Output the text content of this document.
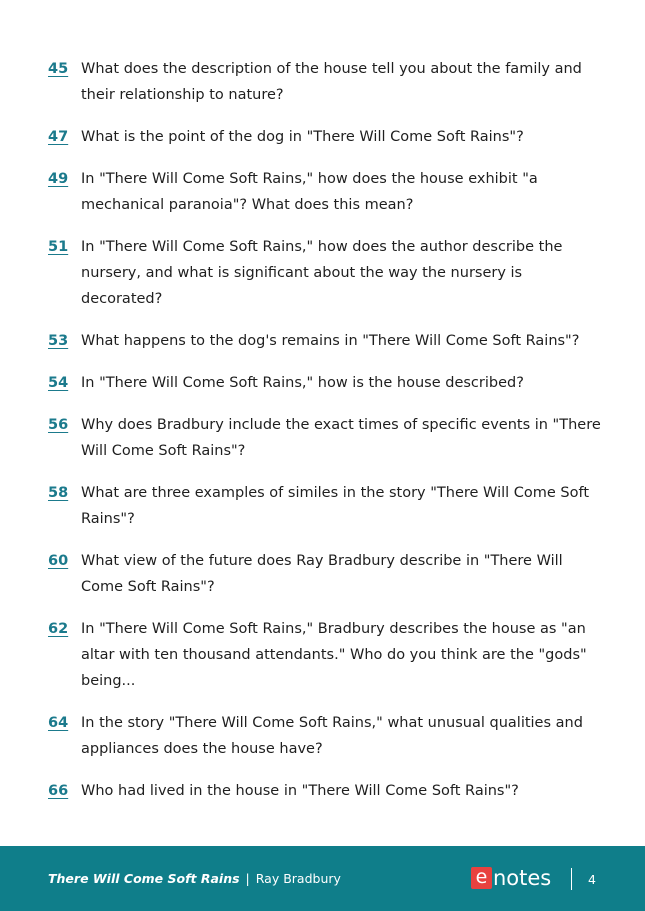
45 What does the description of the house tell you about the family and their relationship to nature?
47 What is the point of the dog in "There Will Come Soft Rains"?
49 In "There Will Come Soft Rains," how does the house exhibit "a mechanical paranoia"? What does this mean?
51 In "There Will Come Soft Rains," how does the author describe the nursery, and what is significant about the way the nursery is decorated?
53 What happens to the dog's remains in "There Will Come Soft Rains"?
54 In "There Will Come Soft Rains," how is the house described?
56 Why does Bradbury include the exact times of specific events in "There Will Come Soft Rains"?
58 What are three examples of similes in the story "There Will Come Soft Rains"?
60 What view of the future does Ray Bradbury describe in "There Will Come Soft Rains"?
62 In "There Will Come Soft Rains," Bradbury describes the house as "an altar with ten thousand attendants." Who do you think are the "gods" being...
64 In the story "There Will Come Soft Rains," what unusual qualities and appliances does the house have?
66 Who had lived in the house in "There Will Come Soft Rains"?
There Will Come Soft Rains | Ray Bradbury	e notes	4
